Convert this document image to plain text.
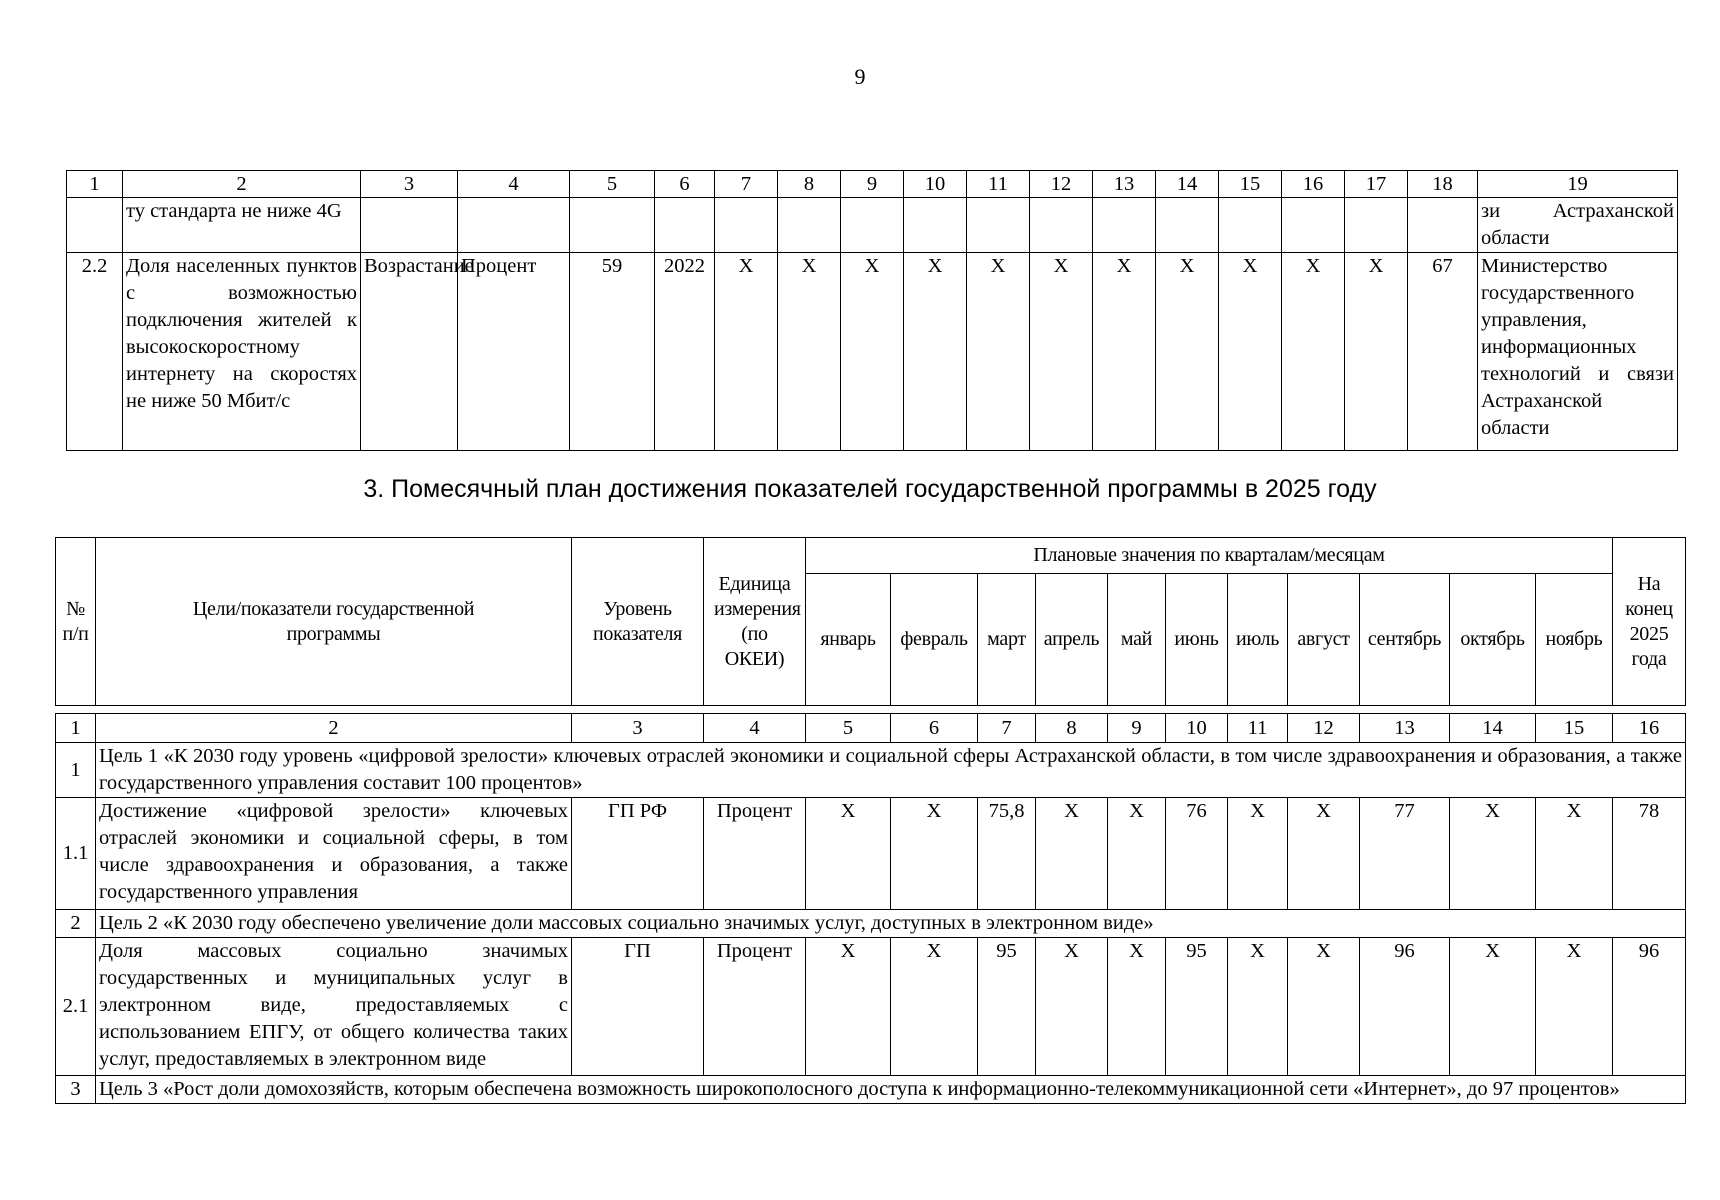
9
1	2	3	4	5	6	7	8	9	10	11	12	13	14	15	16	17	18	19
	ту стандарта не ниже 4G																	зи Астраханской области
2.2	Доля населенных пунктов с возможностью подключения жителей к высокоскоростному интернету на скоростях не ниже 50 Мбит/с	Возрастание	Процент	59	2022	X	X	X	X	X	X	X	X	X	X	X	67	Министерство государственного управления, информационных технологий и связи Астраханской области
3. Помесячный план достижения показателей государственной программы в 2025 году
№ п/п	Цели/показатели государственной программы	Уровень показателя	Единица измерения (по ОКЕИ)	Плановые значения по кварталам/месяцам											На конец 2025 года
				январь	февраль	март	апрель	май	июнь	июль	август	сентябрь	октябрь	ноябрь	
1	2	3	4	5	6	7	8	9	10	11	12	13	14	15	16
1	Цель 1 «К 2030 году уровень «цифровой зрелости» ключевых отраслей экономики и социальной сферы Астраханской области, в том числе здравоохранения и образования, а также государственного управления составит 100 процентов»														
1.1	Достижение «цифровой зрелости» ключевых отраслей экономики и социальной сферы, в том числе здравоохранения и образования, а также государственного управления	ГП РФ	Процент	X	X	75,8	X	X	76	X	X	77	X	X	78
2	Цель 2 «К 2030 году обеспечено увеличение доли массовых социально значимых услуг, доступных в электронном виде»														
2.1	Доля массовых социально значимых государственных и муниципальных услуг в электронном виде, предоставляемых с использованием ЕПГУ, от общего количества таких услуг, предоставляемых в электронном виде	ГП	Процент	X	X	95	X	X	95	X	X	96	X	X	96
3	Цель 3 «Рост доли домохозяйств, которым обеспечена возможность широкополосного доступа к информационно-телекоммуникационной сети «Интернет», до 97 процентов»														
